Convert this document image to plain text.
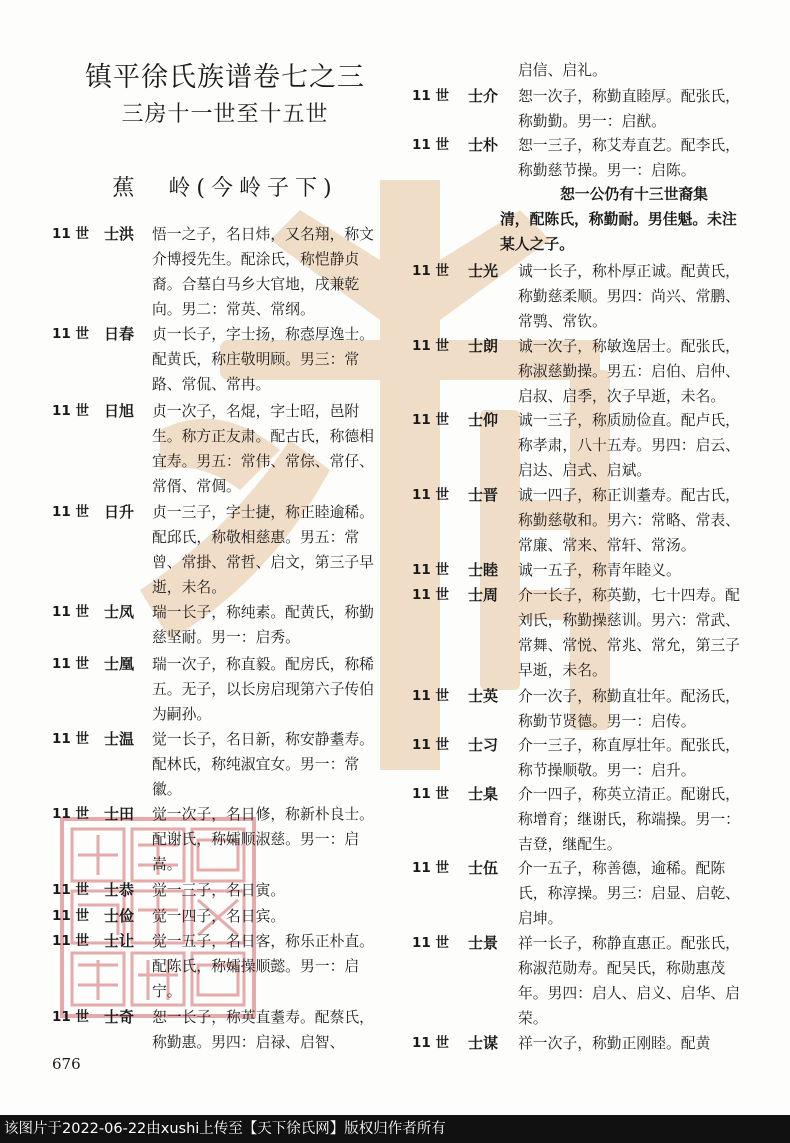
镇平徐氏族谱卷七之三
三房十一世至十五世
蕉　岭(今岭子下)
启信、启礼。
11 世 士洪 悟一之子，名日炜，又名翔，称文介博授先生。配涂氏，称恺静贞裔。合墓白马乡大官地，戌兼乾向。男二：常英、常纲。
11 世 日春 贞一长子，字士扬，称悫厚逸士。配黄氏，称庄敬明顾。男三：常路、常侃、常冉。
11 世 日旭 贞一次子，名焜，字士昭，邑附生。称方正友肃。配古氏，称德相宜寿。男五：常伟、常倧、常仔、常偦、常倜。
11 世 日升 贞一三子，字士捷，称正睦逾稀。配邱氏，称敬相慈惠。男五：常曾、常掛、常哲、启文，第三子早逝，未名。
11 世 士凤 瑞一长子，称纯素。配黄氏，称勤慈坚耐。男一：启秀。
11 世 士凰 瑞一次子，称直毅。配房氏，称稀五。无子，以长房启现第六子传伯为嗣孙。
11 世 士温 觉一长子，名日新，称安静耋寿。配林氏，称纯淑宜女。男一：常徽。
11 世 士田 觉一次子，名日修，称新朴良士。配谢氏，称孀顺淑慈。男一：启嵩。
11 世 士恭 觉一三子，名日寅。
11 世 士俭 觉一四子，名日宾。
11 世 士让 觉一五子，名日客，称乐正朴直。配陈氏，称孀操顺懿。男一：启宁。
11 世 士奇 恕一长子，称英直耋寿。配蔡氏，称勤惠。男四：启禄、启智、
11 世 士介 恕一次子，称勤直睦厚。配张氏，称勤勤。男一：启猷。
11 世 士朴 恕一三子，称艾寿直艺。配李氏，称勤慈节操。男一：启陈。
恕一公仍有十三世裔集
清，配陈氏，称勤耐。男佳魁。未注某人之子。
11 世 士光 诚一长子，称朴厚正诚。配黄氏，称勤慈柔顺。男四：尚兴、常鹏、常鹗、常钦。
11 世 士朗 诚一次子，称敏逸居士。配张氏，称淑慈勤操。男五：启伯、启仲、启叔、启季，次子早逝，未名。
11 世 士仰 诚一三子，称质励俭直。配卢氏，称孝肃，八十五寿。男四：启云、启达、启式、启斌。
11 世 士晋 诚一四子，称正训耋寿。配古氏，称勤慈敬和。男六：常略、常表、常廉、常来、常轩、常汤。
11 世 士睦 诚一五子，称青年睦义。
11 世 士周 介一长子，称英勤，七十四寿。配刘氏，称勤操慈训。男六：常武、常舞、常悦、常兆、常允，第三子早逝，未名。
11 世 士英 介一次子，称勤直壮年。配汤氏，称勤节贤德。男一：启传。
11 世 士习 介一三子，称直厚壮年。配张氏，称节操顺敬。男一：启升。
11 世 士臬 介一四子，称英立清正。配谢氏，称增育；继谢氏，称端操。男一：吉登，继配生。
11 世 士伍 介一五子，称善德，逾稀。配陈氏，称淳操。男三：启显、启乾、启坤。
11 世 士景 祥一长子，称静直惠正。配张氏，称淑范勋寿。配吴氏，称勋惠茂年。男四：启人、启义、启华、启荣。
11 世 士谋 祥一次子，称勤正刚睦。配黄
676
该图片于2022-06-22由xushi上传至【天下徐氏网】版权归作者所有
